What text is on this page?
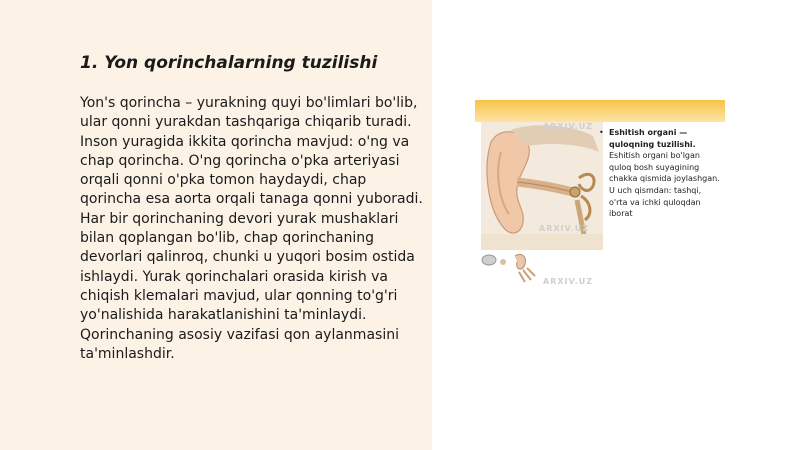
1. Yon qorinchalarning tuzilishi

Yon's qorincha – yurakning quyi bo'limlari bo'lib, ular qonni yurakdan tashqariga chiqarib turadi. Inson yuragida ikkita qorincha mavjud: o'ng va chap qorincha. O'ng qorincha o'pka arteriyasi orqali qonni o'pka tomon haydaydi, chap qorincha esa aorta orqali tanaga qonni yuboradi. Har bir qorinchaning devori yurak mushaklari bilan qoplangan bo'lib, chap qorinchaning devorlari qalinroq, chunki u yuqori bosim ostida ishlaydi. Yurak qorinchalari orasida kirish va chiqish klemalari mavjud, ular qonning to'g'ri yo'nalishida harakatlanishini ta'minlaydi. Qorinchaning asosiy vazifasi qon aylanmasini ta'minlashdir.

ARXIV.UZ
ARXIV.UZ
ARXIV.UZ
• Eshitish organi — quloqning tuzilishi.
Eshitish organi bo'lgan quloq bosh suyagining chakka qismida joylashgan. U uch qismdan: tashqi, o'rta va ichki quloqdan iborat
